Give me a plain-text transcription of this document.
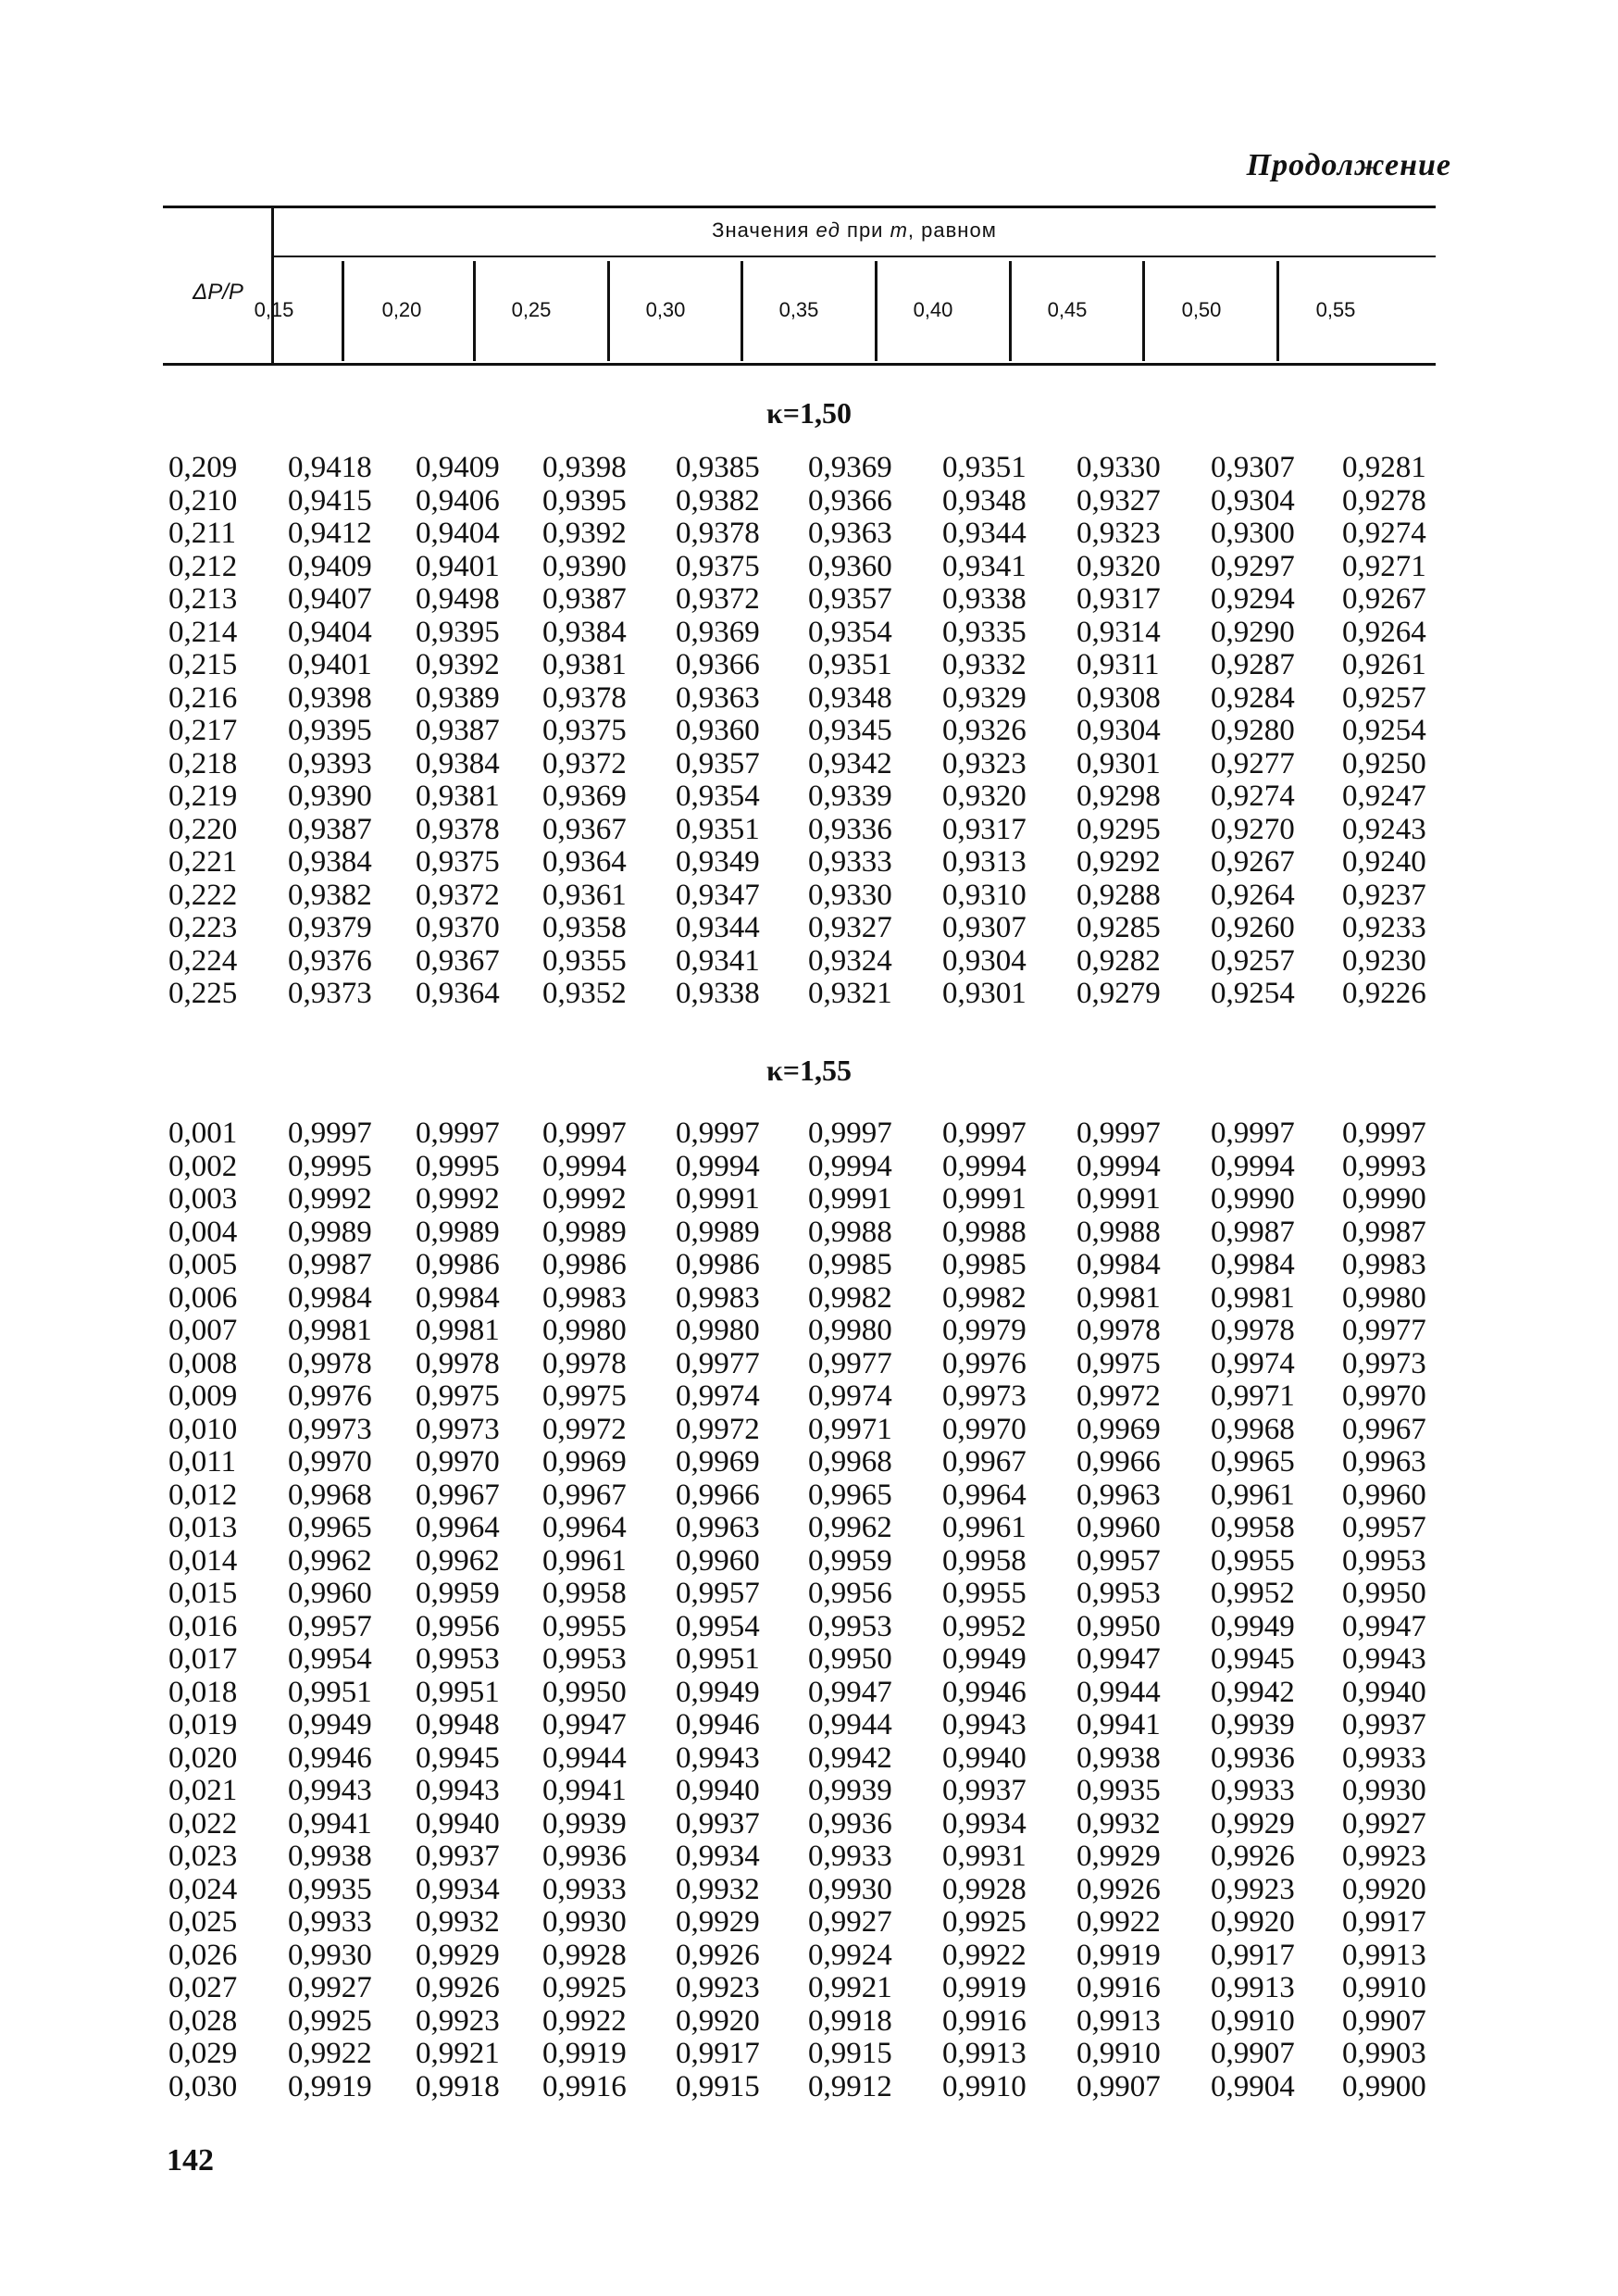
Продолжение
ΔP/P
Значения eд при m, равном
0,15	0,20	0,25	0,30	0,35	0,40	0,45	0,50	0,55
κ=1,50
0,209 0,9418 0,9409 0,9398 0,9385 0,9369 0,9351 0,9330 0,9307 0,9281
0,210 0,9415 0,9406 0,9395 0,9382 0,9366 0,9348 0,9327 0,9304 0,9278
0,211 0,9412 0,9404 0,9392 0,9378 0,9363 0,9344 0,9323 0,9300 0,9274
0,212 0,9409 0,9401 0,9390 0,9375 0,9360 0,9341 0,9320 0,9297 0,9271
0,213 0,9407 0,9498 0,9387 0,9372 0,9357 0,9338 0,9317 0,9294 0,9267
0,214 0,9404 0,9395 0,9384 0,9369 0,9354 0,9335 0,9314 0,9290 0,9264
0,215 0,9401 0,9392 0,9381 0,9366 0,9351 0,9332 0,9311 0,9287 0,9261
0,216 0,9398 0,9389 0,9378 0,9363 0,9348 0,9329 0,9308 0,9284 0,9257
0,217 0,9395 0,9387 0,9375 0,9360 0,9345 0,9326 0,9304 0,9280 0,9254
0,218 0,9393 0,9384 0,9372 0,9357 0,9342 0,9323 0,9301 0,9277 0,9250
0,219 0,9390 0,9381 0,9369 0,9354 0,9339 0,9320 0,9298 0,9274 0,9247
0,220 0,9387 0,9378 0,9367 0,9351 0,9336 0,9317 0,9295 0,9270 0,9243
0,221 0,9384 0,9375 0,9364 0,9349 0,9333 0,9313 0,9292 0,9267 0,9240
0,222 0,9382 0,9372 0,9361 0,9347 0,9330 0,9310 0,9288 0,9264 0,9237
0,223 0,9379 0,9370 0,9358 0,9344 0,9327 0,9307 0,9285 0,9260 0,9233
0,224 0,9376 0,9367 0,9355 0,9341 0,9324 0,9304 0,9282 0,9257 0,9230
0,225 0,9373 0,9364 0,9352 0,9338 0,9321 0,9301 0,9279 0,9254 0,9226
κ=1,55
0,001 0,9997 0,9997 0,9997 0,9997 0,9997 0,9997 0,9997 0,9997 0,9997
0,002 0,9995 0,9995 0,9994 0,9994 0,9994 0,9994 0,9994 0,9994 0,9993
0,003 0,9992 0,9992 0,9992 0,9991 0,9991 0,9991 0,9991 0,9990 0,9990
0,004 0,9989 0,9989 0,9989 0,9989 0,9988 0,9988 0,9988 0,9987 0,9987
0,005 0,9987 0,9986 0,9986 0,9986 0,9985 0,9985 0,9984 0,9984 0,9983
0,006 0,9984 0,9984 0,9983 0,9983 0,9982 0,9982 0,9981 0,9981 0,9980
0,007 0,9981 0,9981 0,9980 0,9980 0,9980 0,9979 0,9978 0,9978 0,9977
0,008 0,9978 0,9978 0,9978 0,9977 0,9977 0,9976 0,9975 0,9974 0,9973
0,009 0,9976 0,9975 0,9975 0,9974 0,9974 0,9973 0,9972 0,9971 0,9970
0,010 0,9973 0,9973 0,9972 0,9972 0,9971 0,9970 0,9969 0,9968 0,9967
0,011 0,9970 0,9970 0,9969 0,9969 0,9968 0,9967 0,9966 0,9965 0,9963
0,012 0,9968 0,9967 0,9967 0,9966 0,9965 0,9964 0,9963 0,9961 0,9960
0,013 0,9965 0,9964 0,9964 0,9963 0,9962 0,9961 0,9960 0,9958 0,9957
0,014 0,9962 0,9962 0,9961 0,9960 0,9959 0,9958 0,9957 0,9955 0,9953
0,015 0,9960 0,9959 0,9958 0,9957 0,9956 0,9955 0,9953 0,9952 0,9950
0,016 0,9957 0,9956 0,9955 0,9954 0,9953 0,9952 0,9950 0,9949 0,9947
0,017 0,9954 0,9953 0,9953 0,9951 0,9950 0,9949 0,9947 0,9945 0,9943
0,018 0,9951 0,9951 0,9950 0,9949 0,9947 0,9946 0,9944 0,9942 0,9940
0,019 0,9949 0,9948 0,9947 0,9946 0,9944 0,9943 0,9941 0,9939 0,9937
0,020 0,9946 0,9945 0,9944 0,9943 0,9942 0,9940 0,9938 0,9936 0,9933
0,021 0,9943 0,9943 0,9941 0,9940 0,9939 0,9937 0,9935 0,9933 0,9930
0,022 0,9941 0,9940 0,9939 0,9937 0,9936 0,9934 0,9932 0,9929 0,9927
0,023 0,9938 0,9937 0,9936 0,9934 0,9933 0,9931 0,9929 0,9926 0,9923
0,024 0,9935 0,9934 0,9933 0,9932 0,9930 0,9928 0,9926 0,9923 0,9920
0,025 0,9933 0,9932 0,9930 0,9929 0,9927 0,9925 0,9922 0,9920 0,9917
0,026 0,9930 0,9929 0,9928 0,9926 0,9924 0,9922 0,9919 0,9917 0,9913
0,027 0,9927 0,9926 0,9925 0,9923 0,9921 0,9919 0,9916 0,9913 0,9910
0,028 0,9925 0,9923 0,9922 0,9920 0,9918 0,9916 0,9913 0,9910 0,9907
0,029 0,9922 0,9921 0,9919 0,9917 0,9915 0,9913 0,9910 0,9907 0,9903
0,030 0,9919 0,9918 0,9916 0,9915 0,9912 0,9910 0,9907 0,9904 0,9900
142
